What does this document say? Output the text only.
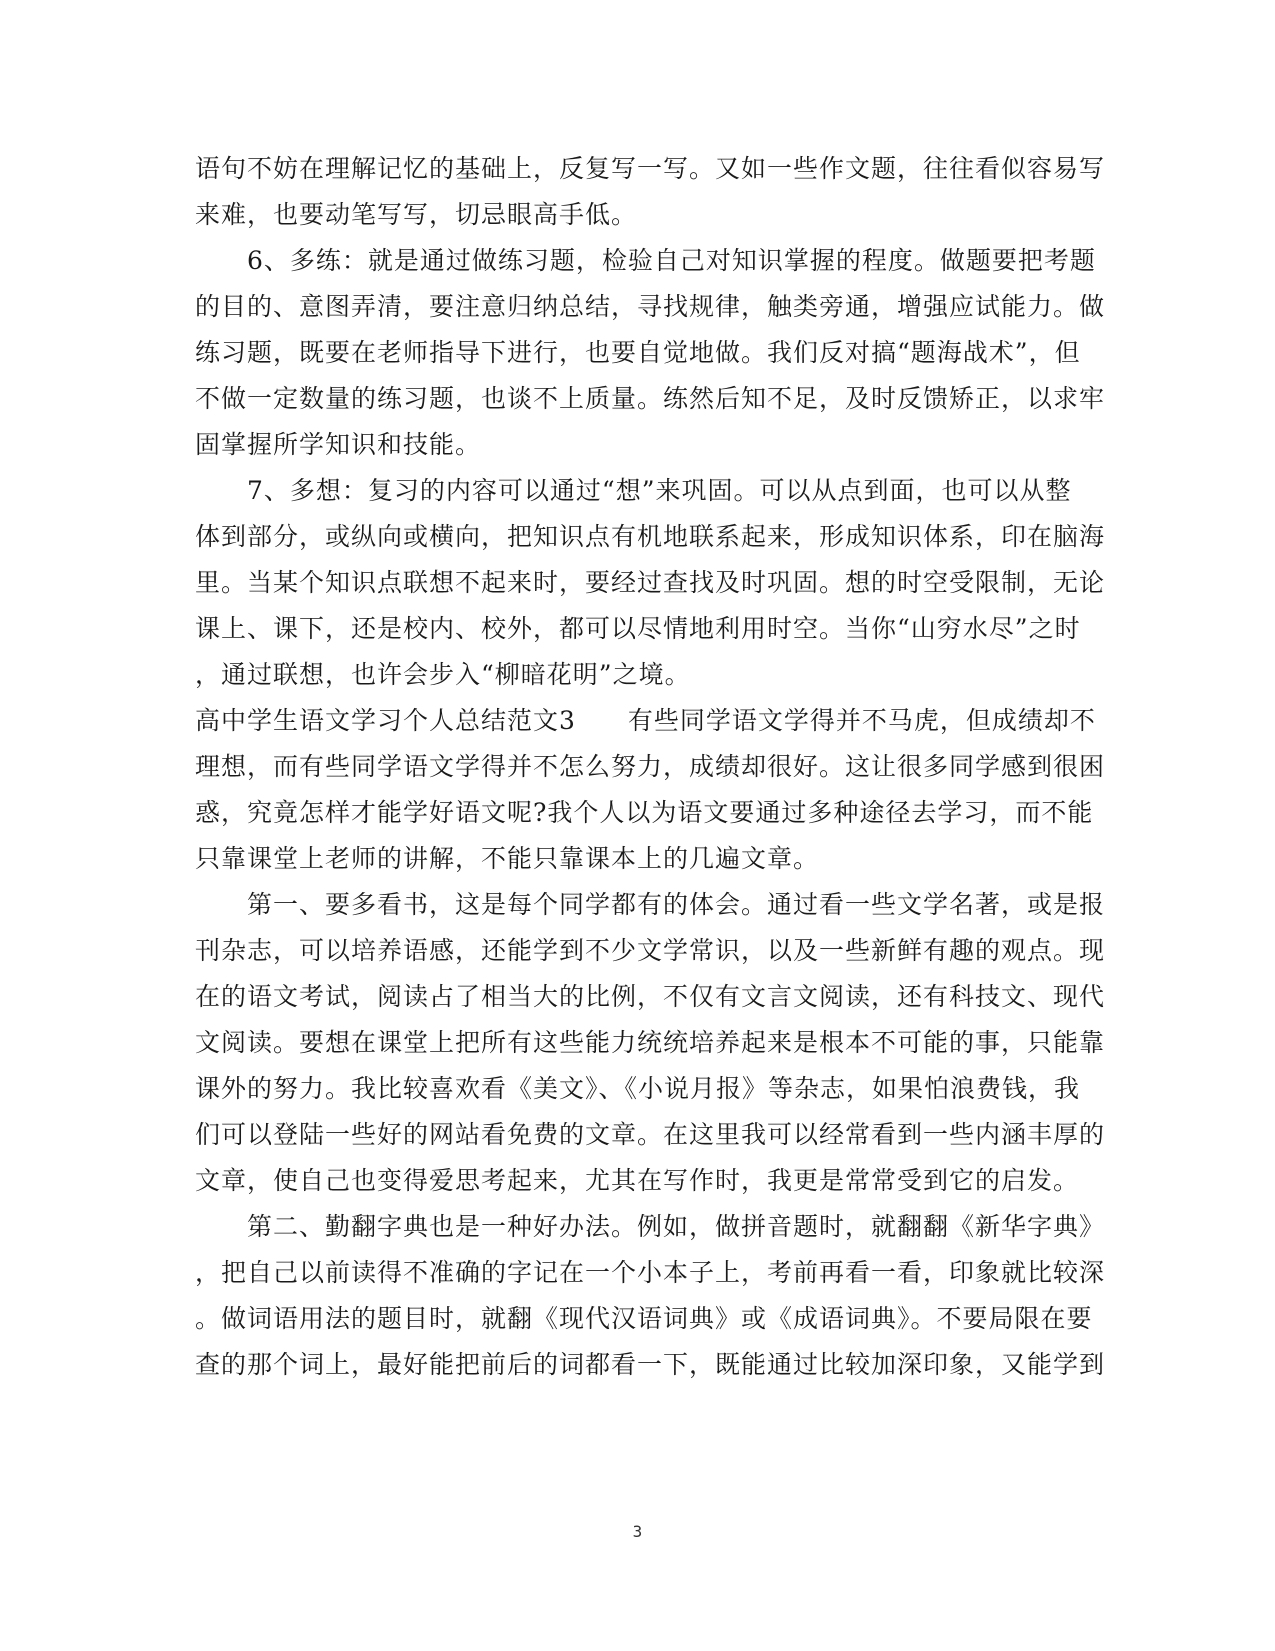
语句不妨在理解记忆的基础上，反复写一写。又如一些作文题，往往看似容易写
来难，也要动笔写写，切忌眼高手低。
　　6、多练：就是通过做练习题，检验自己对知识掌握的程度。做题要把考题
的目的、意图弄清，要注意归纳总结，寻找规律，触类旁通，增强应试能力。做
练习题，既要在老师指导下进行，也要自觉地做。我们反对搞“题海战术”，但
不做一定数量的练习题，也谈不上质量。练然后知不足，及时反馈矫正，以求牢
固掌握所学知识和技能。
　　7、多想：复习的内容可以通过“想”来巩固。可以从点到面，也可以从整
体到部分，或纵向或横向，把知识点有机地联系起来，形成知识体系，印在脑海
里。当某个知识点联想不起来时，要经过查找及时巩固。想的时空受限制，无论
课上、课下，还是校内、校外，都可以尽情地利用时空。当你“山穷水尽”之时
，通过联想，也许会步入“柳暗花明”之境。
高中学生语文学习个人总结范文3　　有些同学语文学得并不马虎，但成绩却不
理想，而有些同学语文学得并不怎么努力，成绩却很好。这让很多同学感到很困
惑，究竟怎样才能学好语文呢?我个人以为语文要通过多种途径去学习，而不能
只靠课堂上老师的讲解，不能只靠课本上的几遍文章。
　　第一、要多看书，这是每个同学都有的体会。通过看一些文学名著，或是报
刊杂志，可以培养语感，还能学到不少文学常识，以及一些新鲜有趣的观点。现
在的语文考试，阅读占了相当大的比例，不仅有文言文阅读，还有科技文、现代
文阅读。要想在课堂上把所有这些能力统统培养起来是根本不可能的事，只能靠
课外的努力。我比较喜欢看《美文》、《小说月报》等杂志，如果怕浪费钱，我
们可以登陆一些好的网站看免费的文章。在这里我可以经常看到一些内涵丰厚的
文章，使自己也变得爱思考起来，尤其在写作时，我更是常常受到它的启发。
　　第二、勤翻字典也是一种好办法。例如，做拼音题时，就翻翻《新华字典》
，把自己以前读得不准确的字记在一个小本子上，考前再看一看，印象就比较深
。做词语用法的题目时，就翻《现代汉语词典》或《成语词典》。不要局限在要
查的那个词上，最好能把前后的词都看一下，既能通过比较加深印象，又能学到
3
